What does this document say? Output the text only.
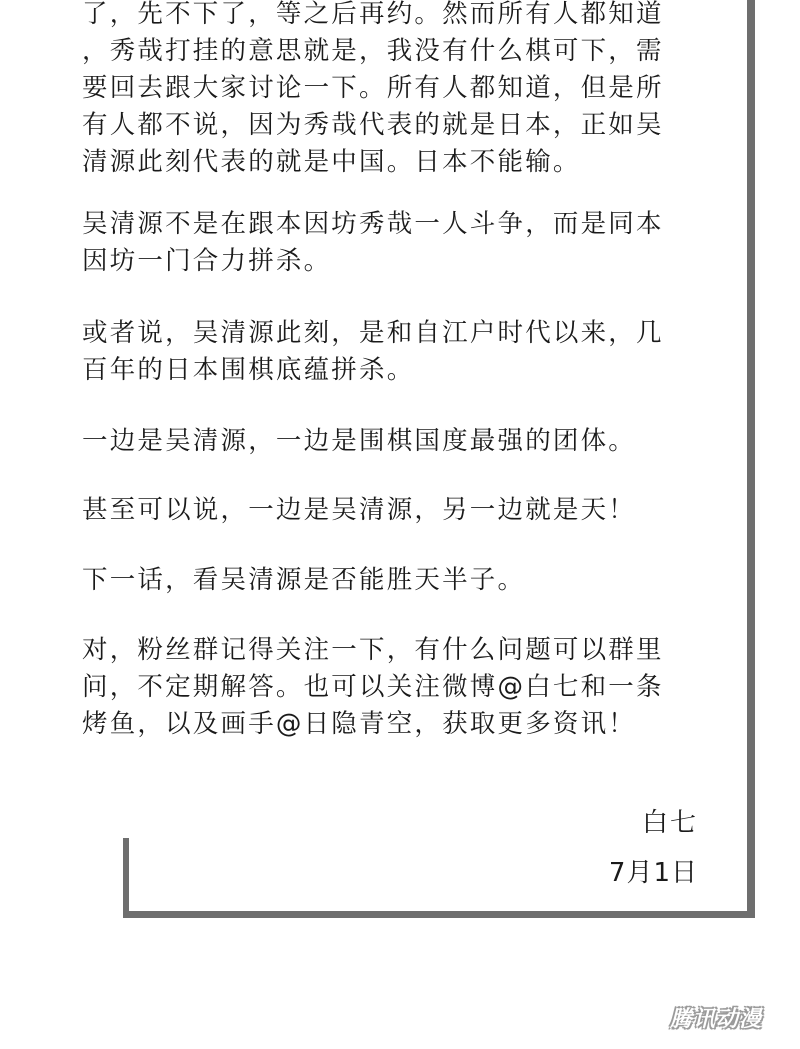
了，先不下了，等之后再约。然而所有人都知道
，秀哉打挂的意思就是，我没有什么棋可下，需
要回去跟大家讨论一下。所有人都知道，但是所
有人都不说，因为秀哉代表的就是日本，正如吴
清源此刻代表的就是中国。日本不能输。

吴清源不是在跟本因坊秀哉一人斗争，而是同本
因坊一门合力拼杀。

或者说，吴清源此刻，是和自江户时代以来，几
百年的日本围棋底蕴拼杀。

一边是吴清源，一边是围棋国度最强的团体。

甚至可以说，一边是吴清源，另一边就是天！

下一话，看吴清源是否能胜天半子。

对，粉丝群记得关注一下，有什么问题可以群里
问，不定期解答。也可以关注微博@白七和一条
烤鱼，以及画手@日隐青空，获取更多资讯！

白七
7月1日
腾讯动漫
